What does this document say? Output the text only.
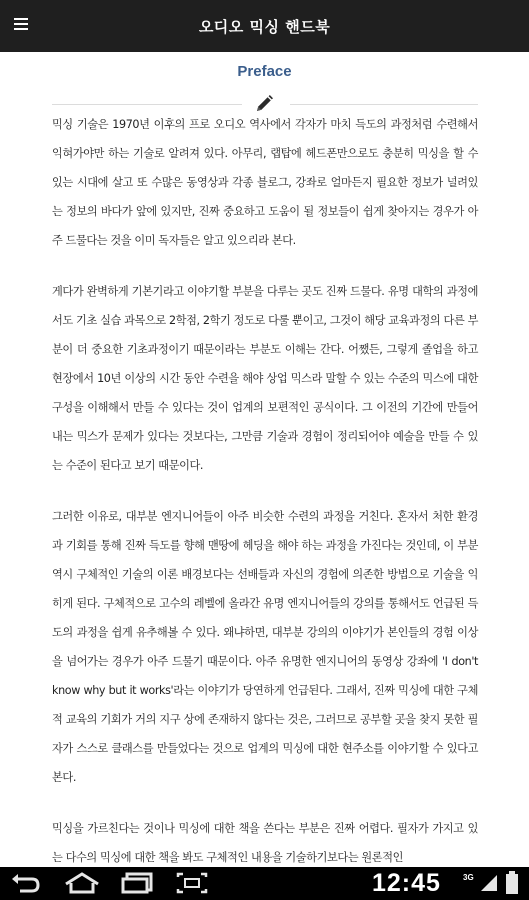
오디오 믹싱 핸드북
Preface

믹싱 기술은 1970년 이후의 프로 오디오 역사에서 각자가 마치 득도의 과정처럼 수련해서 익혀가야만 하는 기술로 알려져 있다. 아무리, 랩탑에 헤드폰만으로도 충분히 믹싱을 할 수 있는 시대에 살고 또 수많은 동영상과 각종 블로그, 강좌로 얼마든지 필요한 정보가 널려있는 정보의 바다가 앞에 있지만, 진짜 중요하고 도움이 될 정보들이 쉽게 찾아지는 경우가 아주 드물다는 것을 이미 독자들은 알고 있으리라 본다.

게다가 완벽하게 기본기라고 이야기할 부분을 다루는 곳도 진짜 드물다. 유명 대학의 과정에서도 기초 실습 과목으로 2학점, 2학기 정도로 다룰 뿐이고, 그것이 해당 교육과정의 다른 부분이 더 중요한 기초과정이기 때문이라는 부분도 이해는 간다. 어쨌든, 그렇게 졸업을 하고 현장에서 10년 이상의 시간 동안 수련을 해야 상업 믹스라 말할 수 있는 수준의 믹스에 대한 구성을 이해해서 만들 수 있다는 것이 업계의 보편적인 공식이다. 그 이전의 기간에 만들어 내는 믹스가 문제가 있다는 것보다는, 그만큼 기술과 경험이 정리되어야 예술을 만들 수 있는 수준이 된다고 보기 때문이다.

그러한 이유로, 대부분 엔지니어들이 아주 비슷한 수련의 과정을 거친다. 혼자서 처한 환경과 기회를 통해 진짜 득도를 향해 맨땅에 헤딩을 해야 하는 과정을 가진다는 것인데, 이 부분 역시 구체적인 기술의 이론 배경보다는 선배들과 자신의 경험에 의존한 방법으로 기술을 익히게 된다. 구체적으로 고수의 레벨에 올라간 유명 엔지니어들의 강의를 통해서도 언급된 득도의 과정을 쉽게 유추해볼 수 있다. 왜냐하면, 대부분 강의의 이야기가 본인들의 경험 이상을 넘어가는 경우가 아주 드물기 때문이다. 아주 유명한 엔지니어의 동영상 강좌에 'I don't know why but it works'라는 이야기가 당연하게 언급된다. 그래서, 진짜 믹싱에 대한 구체적 교육의 기회가 거의 지구 상에 존재하지 않다는 것은, 그러므로 공부할 곳을 찾지 못한 필자가 스스로 클래스를 만들었다는 것으로 업계의 믹싱에 대한 현주소를 이야기할 수 있다고 본다.

믹싱을 가르친다는 것이나 믹싱에 대한 책을 쓴다는 부분은 진짜 어렵다. 필자가 가지고 있는 다수의 믹싱에 대한 책을 봐도 구체적인 내용을 기술하기보다는 원론적인

12:45	3G
